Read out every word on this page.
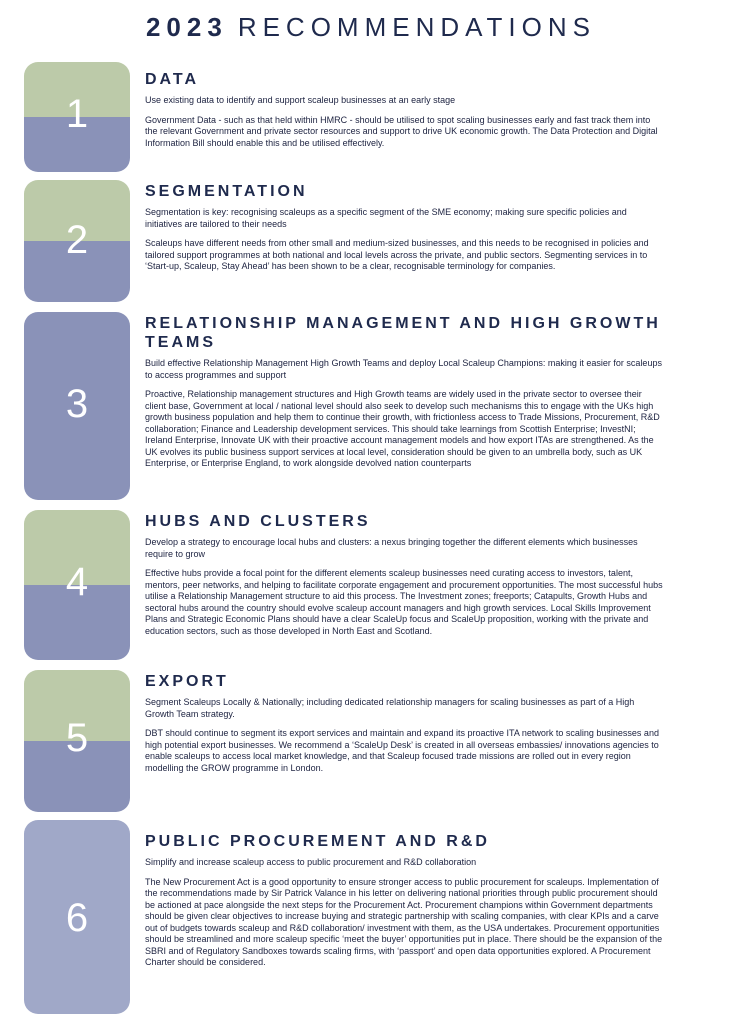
2023 RECOMMENDATIONS
1
DATA

Use existing data to identify and support scaleup businesses at an early stage

Government Data - such as that held within HMRC - should be utilised to spot scaling businesses early and fast track them into the relevant Government and private sector resources and support to drive UK economic growth. The Data Protection and Digital Information Bill should enable this and be utilised effectively.

2
SEGMENTATION

Segmentation is key: recognising scaleups as a specific segment of the SME economy; making sure specific policies and initiatives are tailored to their needs

Scaleups have different needs from other small and medium-sized businesses, and this needs to be recognised in policies and tailored support programmes at both national and local levels across the private, and public sectors. Segmenting services in to ‘Start-up, Scaleup, Stay Ahead’ has been shown to be a clear, recognisable terminology for companies.

3
RELATIONSHIP MANAGEMENT AND HIGH GROWTH TEAMS

Build effective Relationship Management High Growth Teams and deploy Local Scaleup Champions: making it easier for scaleups to access programmes and support

Proactive, Relationship management structures and High Growth teams are widely used in the private sector to oversee their client base, Government at local / national level should also seek to develop such mechanisms this to engage with the UKs high growth business population and help them to continue their growth, with frictionless access to Trade Missions, Procurement, R&D collaboration; Finance and Leadership development services. This should take learnings from Scottish Enterprise; InvestNI; Ireland Enterprise, Innovate UK with their proactive account management models and how export ITAs are strengthened. As the UK evolves its public business support services at local level, consideration should be given to an umbrella body, such as UK Enterprise, or Enterprise England, to work alongside devolved nation counterparts

4
HUBS AND CLUSTERS

Develop a strategy to encourage local hubs and clusters: a nexus bringing together the different elements which businesses require to grow

Effective hubs provide a focal point for the different elements scaleup businesses need curating access to investors, talent, mentors, peer networks, and helping to facilitate corporate engagement and procurement opportunities. The most successful hubs utilise a Relationship Management structure to aid this process. The Investment zones; freeports; Catapults, Growth Hubs and sectoral hubs around the country should evolve scaleup account managers and high growth services. Local Skills Improvement Plans and Strategic Economic Plans should have a clear ScaleUp focus and ScaleUp proposition, working with the private and education sectors, such as those developed in North East and Scotland.

5
EXPORT

Segment Scaleups Locally & Nationally; including dedicated relationship managers for scaling businesses as part of a High Growth Team strategy.

DBT should continue to segment its export services and maintain and expand its proactive ITA network to scaling businesses and high potential export businesses. We recommend a ‘ScaleUp Desk’ is created in all overseas embassies/ innovations agencies to enable scaleups to access local market knowledge, and that Scaleup focused trade missions are rolled out in every region modelling the GROW programme in London.

6
PUBLIC PROCUREMENT AND R&D

Simplify and increase scaleup access to public procurement and R&D collaboration

The New Procurement Act is a good opportunity to ensure stronger access to public procurement for scaleups. Implementation of the recommendations made by Sir Patrick Valance in his letter on delivering national priorities through public procurement should be actioned at pace alongside the next steps for the Procurement Act. Procurement champions within Government departments should be given clear objectives to increase buying and strategic partnership with scaling companies, with clear KPIs and a carve out of budgets towards scaleup and R&D collaboration/ investment with them, as the USA undertakes. Procurement opportunities should be streamlined and more scaleup specific ‘meet the buyer’ opportunities put in place. There should be the expansion of the SBRI and of Regulatory Sandboxes towards scaling firms, with ‘passport’ and open data opportunities explored. A Procurement Charter should be considered.
